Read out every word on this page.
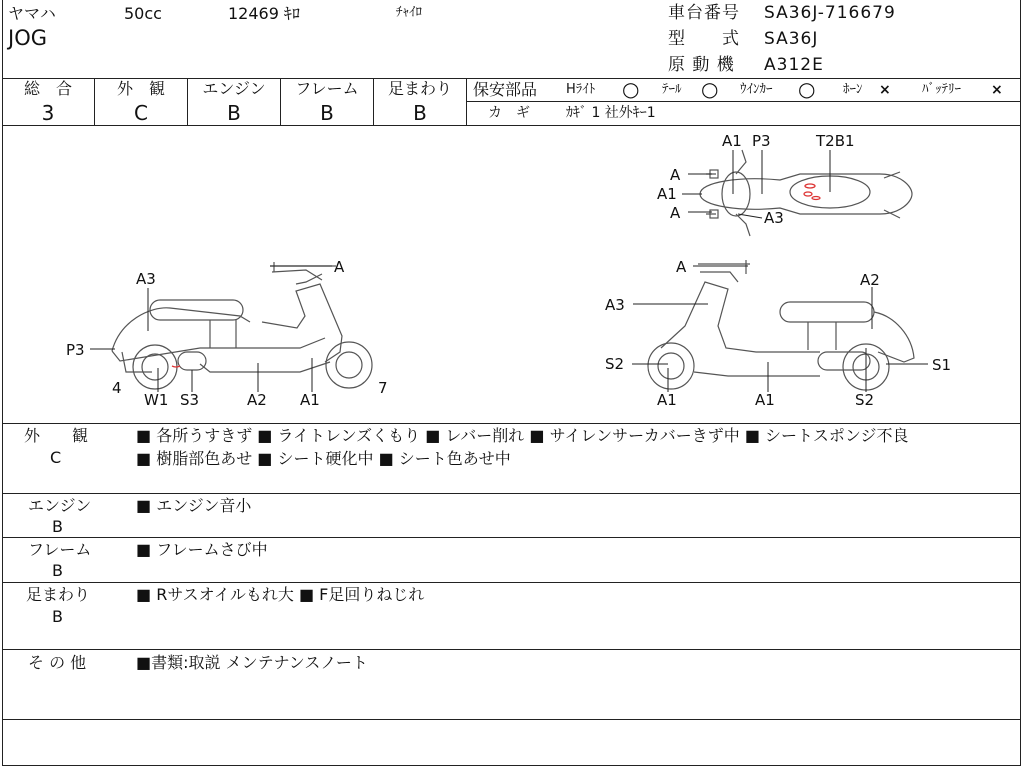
ヤマハ	50cc	12469 ｷﾛ	ﾁｬｲﾛ
JOG
車台番号 SA36J-716679
型　　式 SA36J
原 動 機 A312E
総　合
3
外　観
C
エンジン
B
フレーム
B
足まわり
B
保安部品 Hﾗｲﾄ ○ ﾃｰﾙ ○ ｳｲﾝｶｰ ○ ﾎｰﾝ × ﾊﾞｯﾃﾘｰ ×
カ　ギ	ｶｷﾞ 1 社外ｷｰ1
A3
A
P3
4
W1 S3	A2 A1
7
A
A3
A2
S2	S1
A1	A1	S2
A1 P3	T2B1
A
A1
A	A3
外　　観
C
■ 各所うすきず ■ ライトレンズくもり ■ レバー削れ ■ サイレンサーカバーきず中 ■ シートスポンジ不良
■ 樹脂部色あせ ■ シート硬化中 ■ シート色あせ中
エンジン
B
■ エンジン音小
フレーム
B
■ フレームさび中
足まわり
B
■ Rサスオイルもれ大 ■ F足回りねじれ
そ の 他	■書類:取説 メンテナンスノート
